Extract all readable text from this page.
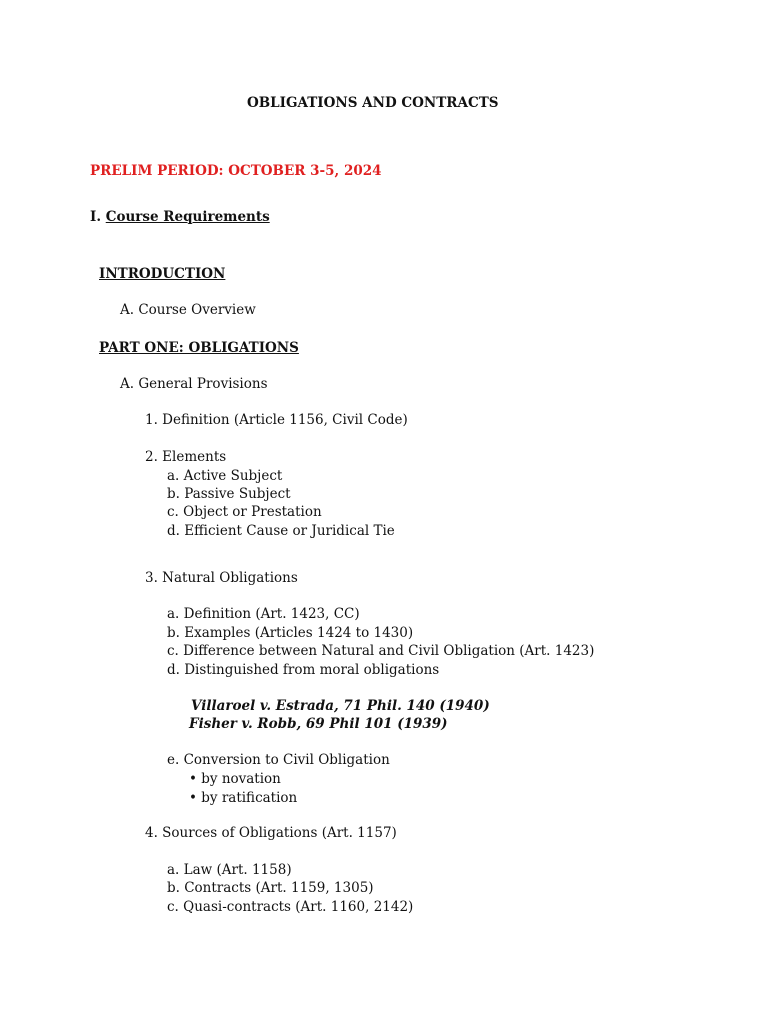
OBLIGATIONS AND CONTRACTS
PRELIM PERIOD: OCTOBER 3-5, 2024
I. Course Requirements
INTRODUCTION
A. Course Overview
PART ONE: OBLIGATIONS
A. General Provisions
1. Definition (Article 1156, Civil Code)
2. Elements
a. Active Subject
b. Passive Subject
c. Object or Prestation
d. Efficient Cause or Juridical Tie
3. Natural Obligations
a. Definition (Art. 1423, CC)
b. Examples (Articles 1424 to 1430)
c. Difference between Natural and Civil Obligation (Art. 1423)
d. Distinguished from moral obligations
Villaroel v. Estrada, 71 Phil. 140 (1940)
Fisher v. Robb, 69 Phil 101 (1939)
e. Conversion to Civil Obligation
• by novation
• by ratification
4. Sources of Obligations (Art. 1157)
a. Law (Art. 1158)
b. Contracts (Art. 1159, 1305)
c. Quasi-contracts (Art. 1160, 2142)
